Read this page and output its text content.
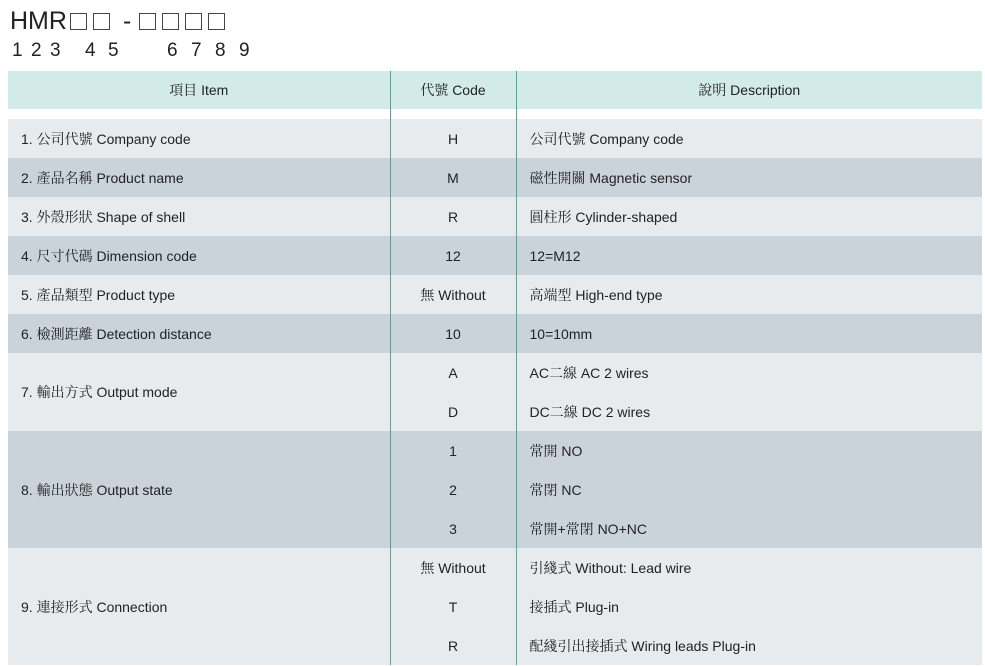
HMR -
1 2 3 4 5	6 7 8 9
項目 Item	代號 Code	說明 Description

1. 公司代號 Company code	H	公司代號 Company code
2. 產品名稱 Product name	M	磁性開關 Magnetic sensor
3. 外殼形狀 Shape of shell	R	圓柱形 Cylinder-shaped
4. 尺寸代碼 Dimension code	12	12=M12
5. 產品類型 Product type	無 Without	高端型 High-end type
6. 檢測距離 Detection distance	10	10=10mm
7. 輸出方式 Output mode	A	AC二線 AC 2 wires
	D	DC二線 DC 2 wires
8. 輸出狀態 Output state	1	常開 NO
	2	常閉 NC
	3	常開+常閉 NO+NC
9. 連接形式 Connection	無 Without	引綫式 Without: Lead wire
	T	接插式 Plug-in
	R	配綫引出接插式 Wiring leads Plug-in
